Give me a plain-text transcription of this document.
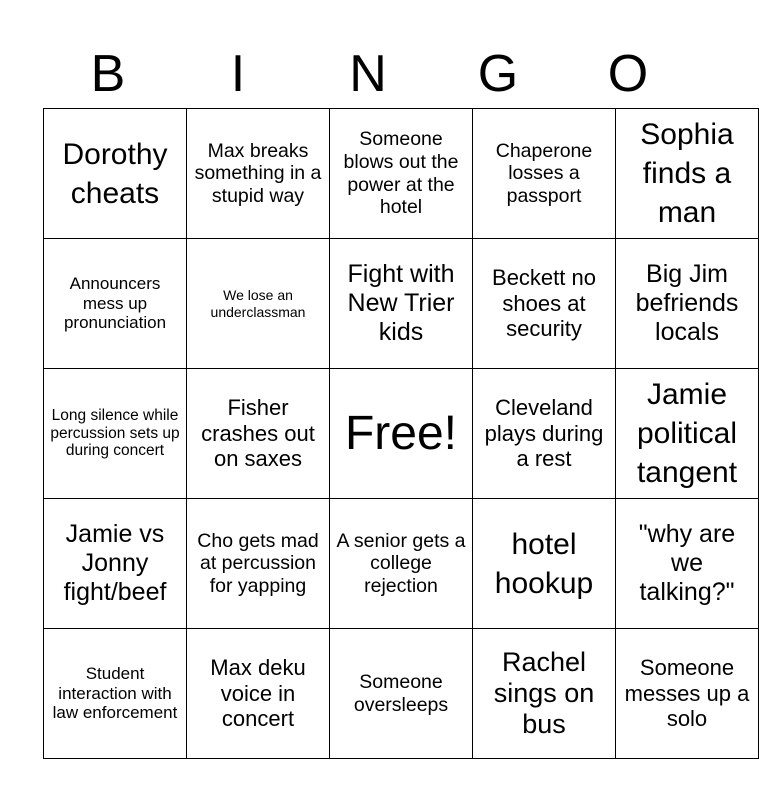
B	I	N	G	O
Dorothy cheats	Max breaks something in a stupid way	Someone blows out the power at the hotel	Chaperone losses a passport	Sophia finds a man
Announcers mess up pronunciation	We lose an underclassman	Fight with New Trier kids	Beckett no shoes at security	Big Jim befriends locals
Long silence while percussion sets up during concert	Fisher crashes out on saxes	Free!	Cleveland plays during a rest	Jamie political tangent
Jamie vs Jonny fight/beef	Cho gets mad at percussion for yapping	A senior gets a college rejection	hotel hookup	"why are we talking?"
Student interaction with law enforcement	Max deku voice in concert	Someone oversleeps	Rachel sings on bus	Someone messes up a solo
